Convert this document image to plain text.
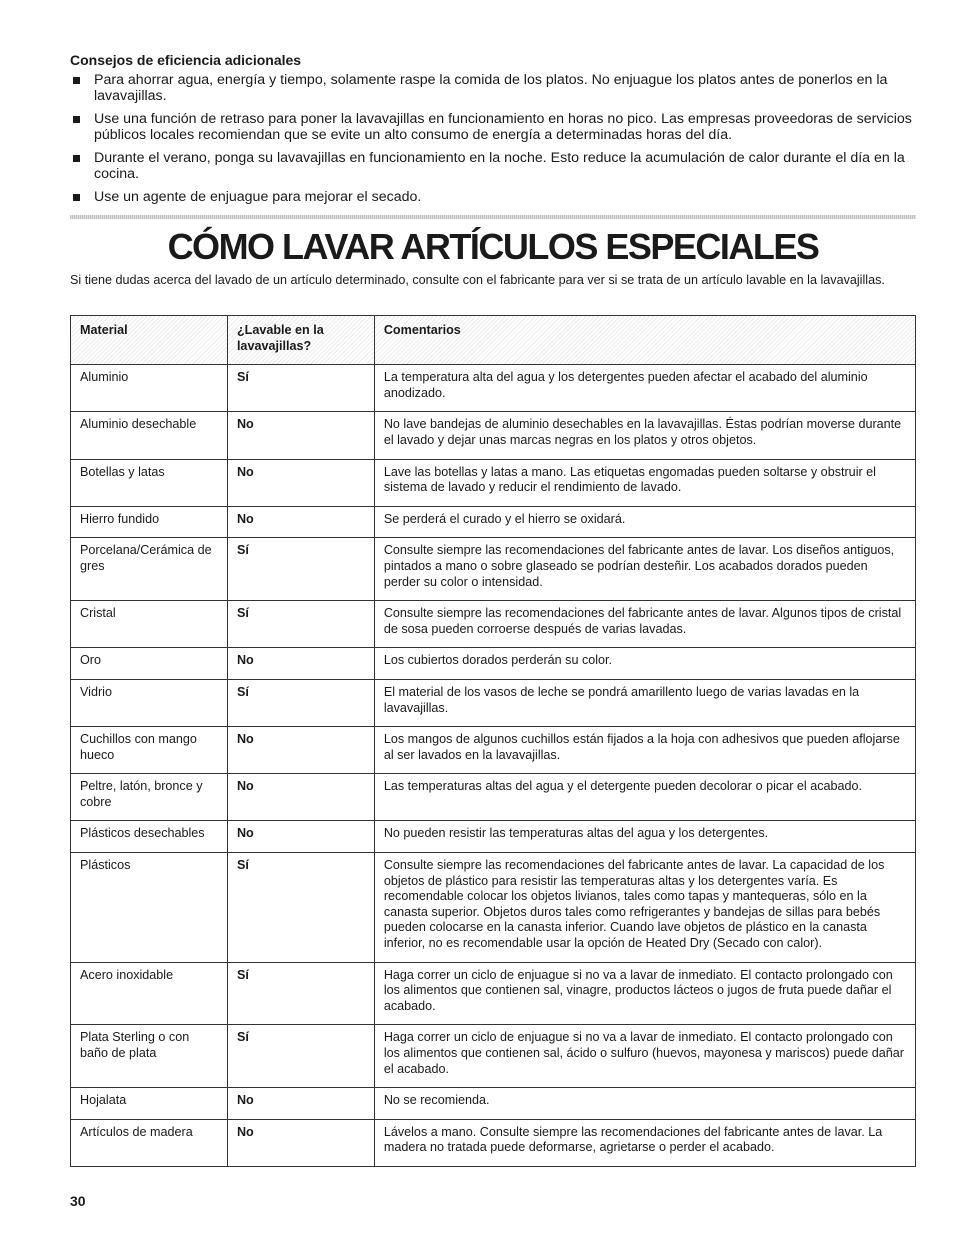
Consejos de eficiencia adicionales
Para ahorrar agua, energía y tiempo, solamente raspe la comida de los platos. No enjuague los platos antes de ponerlos en la lavavajillas.
Use una función de retraso para poner la lavavajillas en funcionamiento en horas no pico. Las empresas proveedoras de servicios públicos locales recomiendan que se evite un alto consumo de energía a determinadas horas del día.
Durante el verano, ponga su lavavajillas en funcionamiento en la noche. Esto reduce la acumulación de calor durante el día en la cocina.
Use un agente de enjuague para mejorar el secado.
CÓMO LAVAR ARTÍCULOS ESPECIALES

Si tiene dudas acerca del lavado de un artículo determinado, consulte con el fabricante para ver si se trata de un artículo lavable en la lavavajillas.

Material	¿Lavable en la lavavajillas?	Comentarios
Aluminio	Sí	La temperatura alta del agua y los detergentes pueden afectar el acabado del aluminio anodizado.
Aluminio desechable	No	No lave bandejas de aluminio desechables en la lavavajillas. Éstas podrían moverse durante el lavado y dejar unas marcas negras en los platos y otros objetos.
Botellas y latas	No	Lave las botellas y latas a mano. Las etiquetas engomadas pueden soltarse y obstruir el sistema de lavado y reducir el rendimiento de lavado.
Hierro fundido	No	Se perderá el curado y el hierro se oxidará.
Porcelana/Cerámica de gres	Sí	Consulte siempre las recomendaciones del fabricante antes de lavar. Los diseños antiguos, pintados a mano o sobre glaseado se podrían desteñir. Los acabados dorados pueden perder su color o intensidad.
Cristal	Sí	Consulte siempre las recomendaciones del fabricante antes de lavar. Algunos tipos de cristal de sosa pueden corroerse después de varias lavadas.
Oro	No	Los cubiertos dorados perderán su color.
Vidrio	Sí	El material de los vasos de leche se pondrá amarillento luego de varias lavadas en la lavavajillas.
Cuchillos con mango hueco	No	Los mangos de algunos cuchillos están fijados a la hoja con adhesivos que pueden aflojarse al ser lavados en la lavavajillas.
Peltre, latón, bronce y cobre	No	Las temperaturas altas del agua y el detergente pueden decolorar o picar el acabado.
Plásticos desechables	No	No pueden resistir las temperaturas altas del agua y los detergentes.
Plásticos	Sí	Consulte siempre las recomendaciones del fabricante antes de lavar. La capacidad de los objetos de plástico para resistir las temperaturas altas y los detergentes varía. Es recomendable colocar los objetos livianos, tales como tapas y mantequeras, sólo en la canasta superior. Objetos duros tales como refrigerantes y bandejas de sillas para bebés pueden colocarse en la canasta inferior. Cuando lave objetos de plástico en la canasta inferior, no es recomendable usar la opción de Heated Dry (Secado con calor).
Acero inoxidable	Sí	Haga correr un ciclo de enjuague si no va a lavar de inmediato. El contacto prolongado con los alimentos que contienen sal, vinagre, productos lácteos o jugos de fruta puede dañar el acabado.
Plata Sterling o con baño de plata	Sí	Haga correr un ciclo de enjuague si no va a lavar de inmediato. El contacto prolongado con los alimentos que contienen sal, ácido o sulfuro (huevos, mayonesa y mariscos) puede dañar el acabado.
Hojalata	No	No se recomienda.
Artículos de madera	No	Lávelos a mano. Consulte siempre las recomendaciones del fabricante antes de lavar. La madera no tratada puede deformarse, agrietarse o perder el acabado.
30
